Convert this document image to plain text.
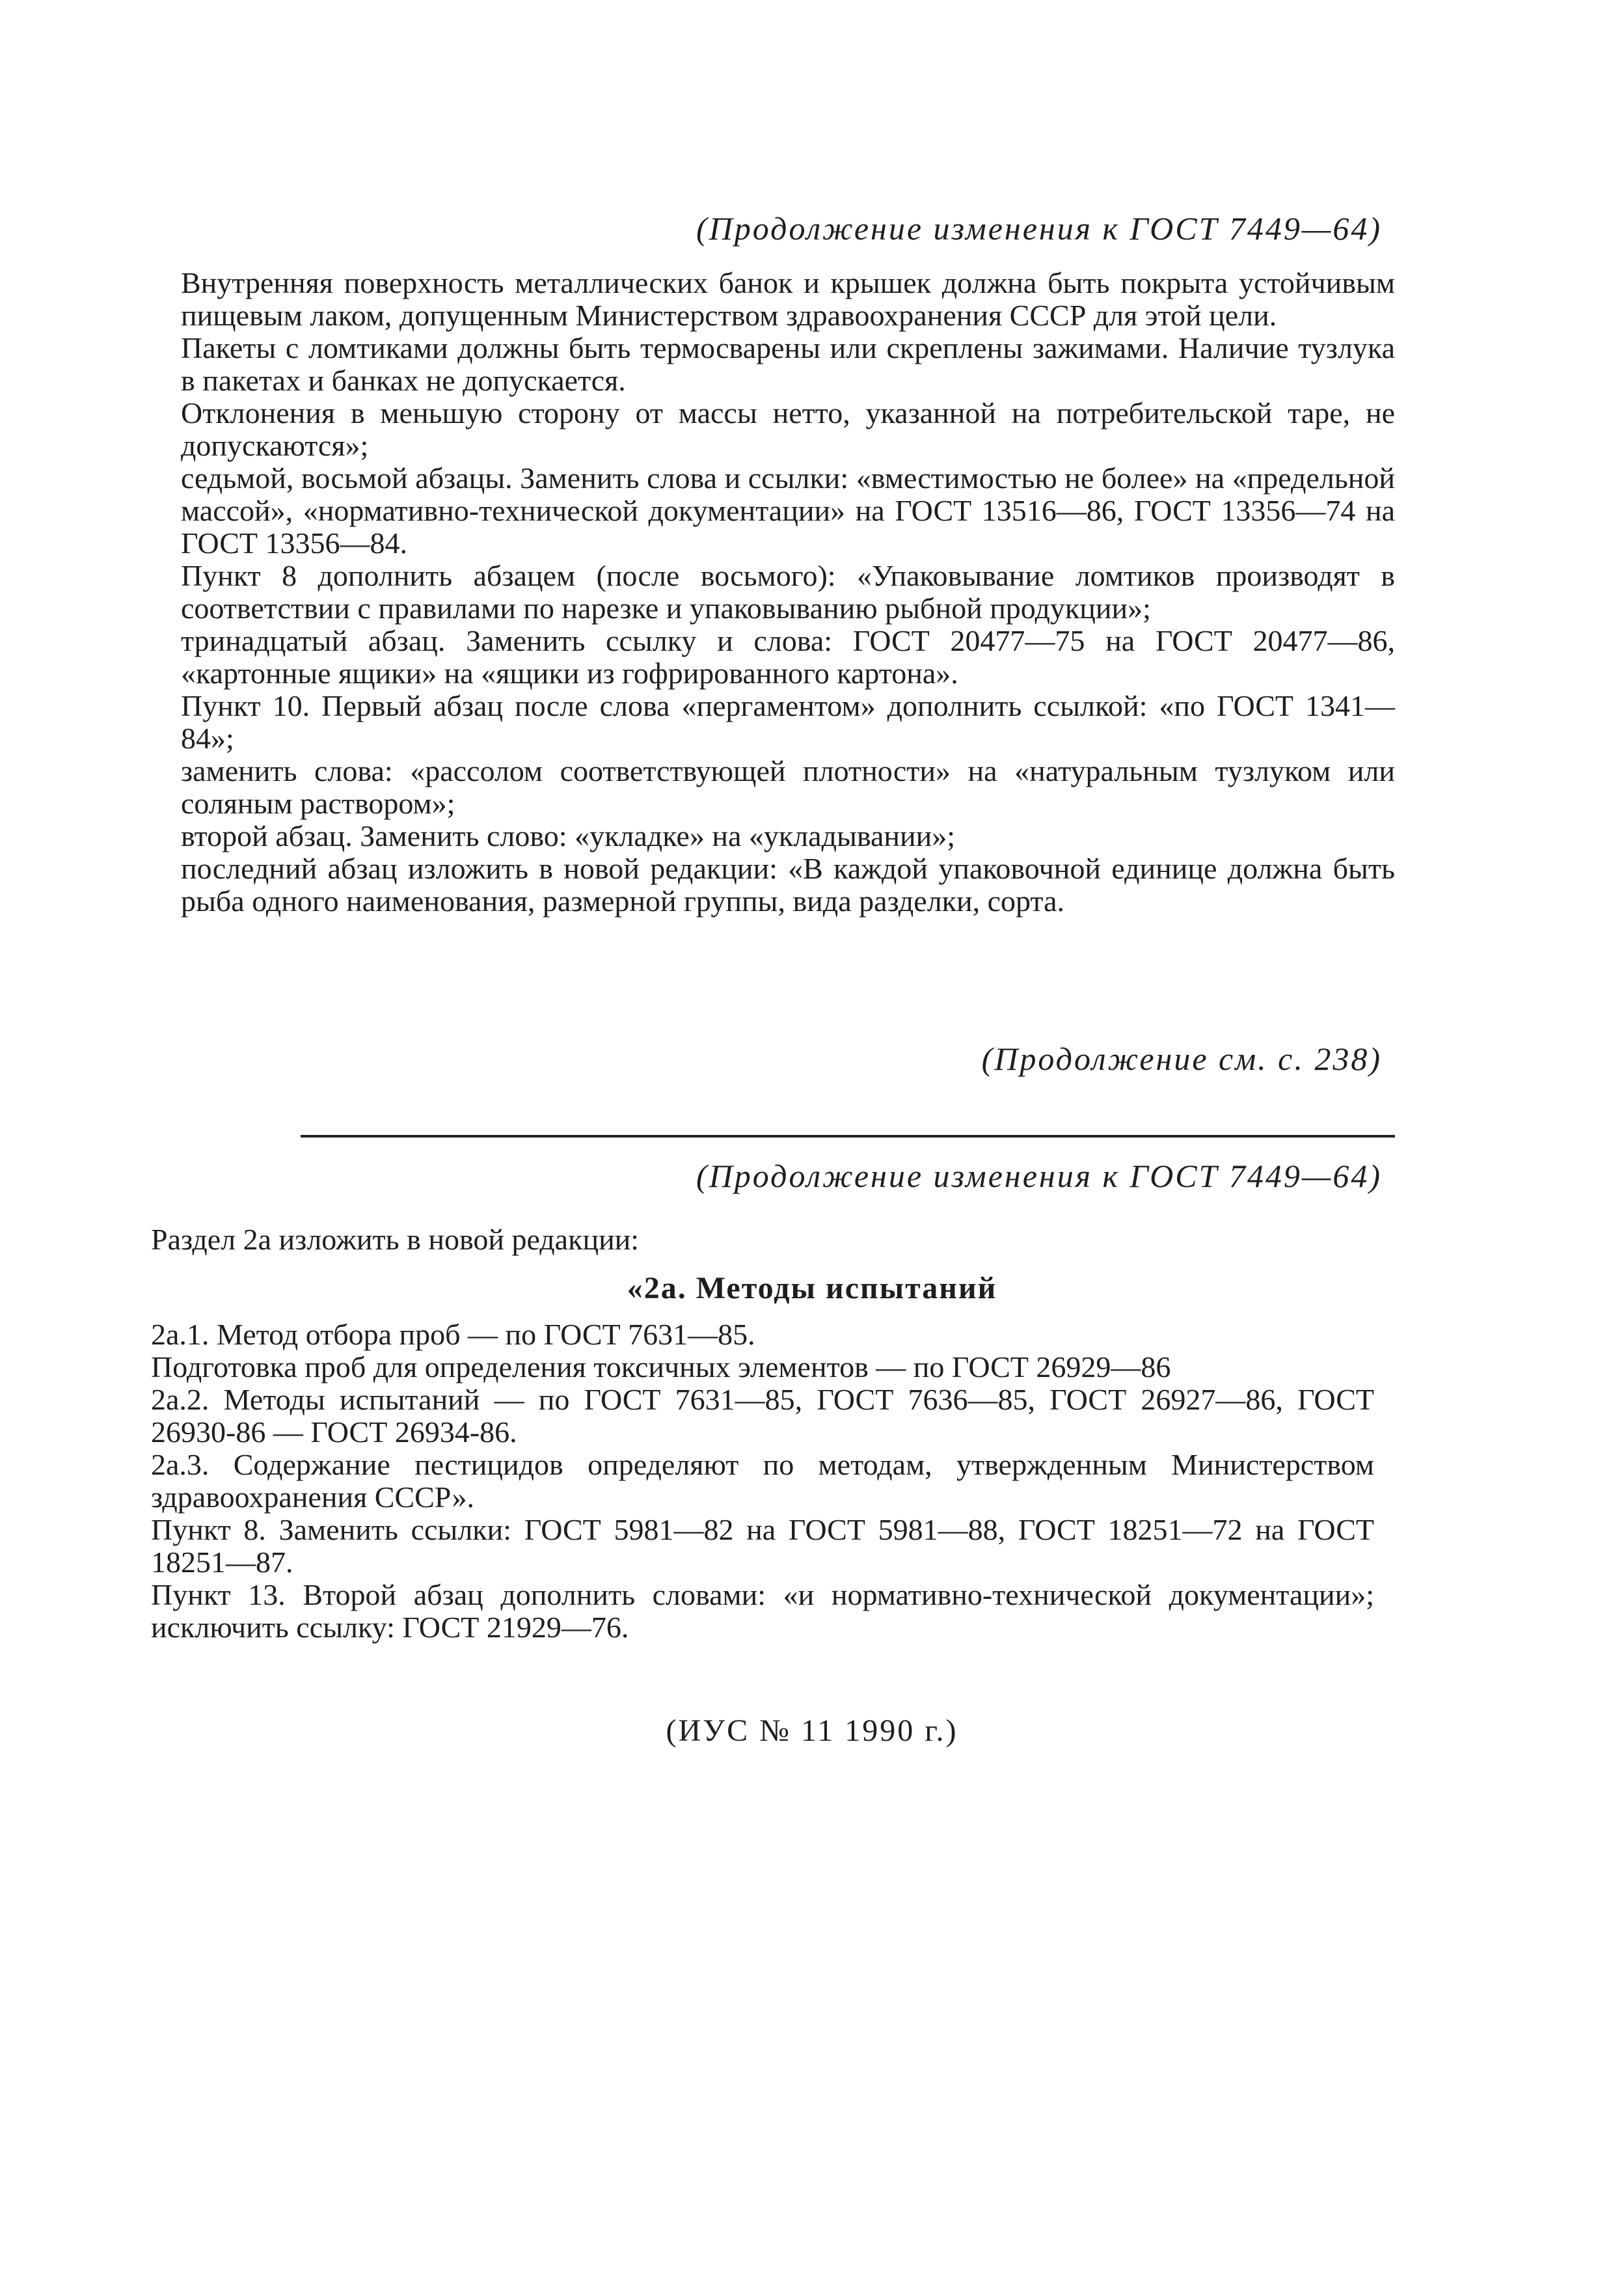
(Продолжение изменения к ГОСТ 7449—64)

Внутренняя поверхность металлических банок и крышек должна быть покрыта устойчивым пищевым лаком, допущенным Министерством здравоохранения СССР для этой цели.

Пакеты с ломтиками должны быть термосварены или скреплены зажимами. Наличие тузлука в пакетах и банках не допускается.

Отклонения в меньшую сторону от массы нетто, указанной на потребительской таре, не допускаются»;

седьмой, восьмой абзацы. Заменить слова и ссылки: «вместимостью не более» на «предельной массой», «нормативно-технической документации» на ГОСТ 13516—86, ГОСТ 13356—74 на ГОСТ 13356—84.

Пункт 8 дополнить абзацем (после восьмого): «Упаковывание ломтиков производят в соответствии с правилами по нарезке и упаковыванию рыбной продукции»;

тринадцатый абзац. Заменить ссылку и слова: ГОСТ 20477—75 на ГОСТ 20477—86, «картонные ящики» на «ящики из гофрированного картона».

Пункт 10. Первый абзац после слова «пергаментом» дополнить ссылкой: «по ГОСТ 1341—84»;

заменить слова: «рассолом соответствующей плотности» на «натуральным тузлуком или соляным раствором»;

второй абзац. Заменить слово: «укладке» на «укладывании»;

последний абзац изложить в новой редакции: «В каждой упаковочной единице должна быть рыба одного наименования, размерной группы, вида разделки, сорта.

(Продолжение см. с. 238)
(Продолжение изменения к ГОСТ 7449—64)

Раздел 2а изложить в новой редакции:

«2а. Методы испытаний

2а.1. Метод отбора проб — по ГОСТ 7631—85.

Подготовка проб для определения токсичных элементов — по ГОСТ 26929—86

2а.2. Методы испытаний — по ГОСТ 7631—85, ГОСТ 7636—85, ГОСТ 26927—86, ГОСТ 26930-86 — ГОСТ 26934-86.

2а.3. Содержание пестицидов определяют по методам, утвержденным Министерством здравоохранения СССР».

Пункт 8. Заменить ссылки: ГОСТ 5981—82 на ГОСТ 5981—88, ГОСТ 18251—72 на ГОСТ 18251—87.

Пункт 13. Второй абзац дополнить словами: «и нормативно-технической документации»; исключить ссылку: ГОСТ 21929—76.

(ИУС № 11 1990 г.)
